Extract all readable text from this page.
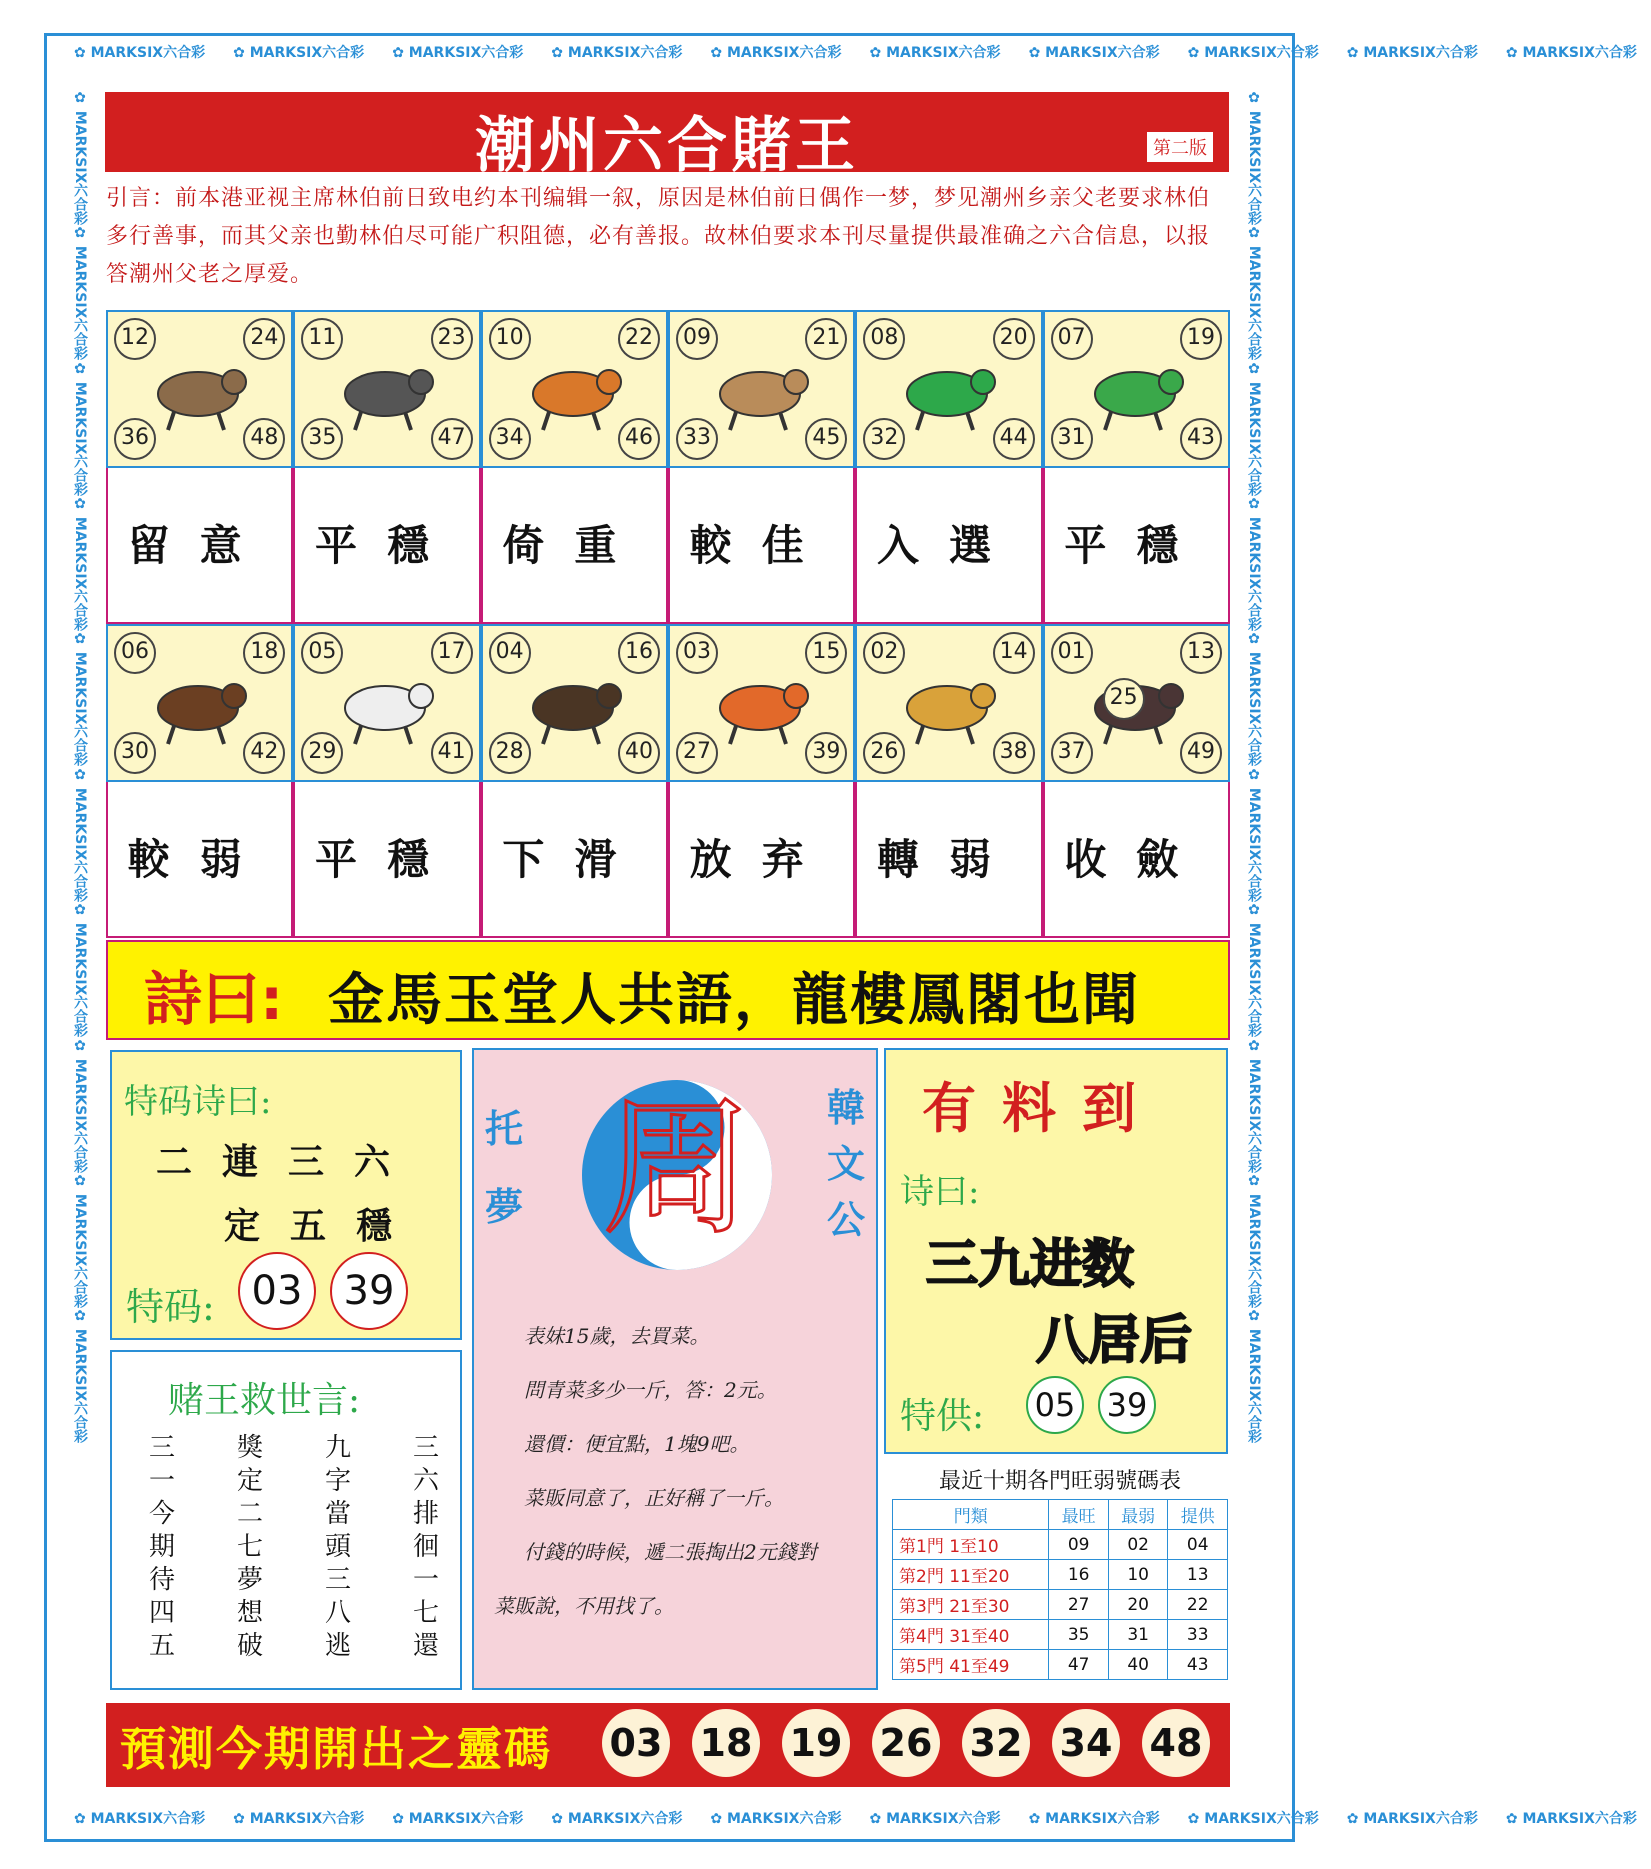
✿ MARKSIX六合彩 ✿ MARKSIX六合彩 ✿ MARKSIX六合彩 ✿ MARKSIX六合彩 ✿ MARKSIX六合彩 ✿ MARKSIX六合彩 ✿ MARKSIX六合彩 ✿ MARKSIX六合彩 ✿ MARKSIX六合彩 ✿ MARKSIX六合彩
✿ MARKSIX六合彩 ✿ MARKSIX六合彩 ✿ MARKSIX六合彩 ✿ MARKSIX六合彩 ✿ MARKSIX六合彩 ✿ MARKSIX六合彩 ✿ MARKSIX六合彩 ✿ MARKSIX六合彩 ✿ MARKSIX六合彩 ✿ MARKSIX六合彩
✿ MARKSIX六合彩✿ MARKSIX六合彩✿ MARKSIX六合彩✿ MARKSIX六合彩✿ MARKSIX六合彩✿ MARKSIX六合彩✿ MARKSIX六合彩✿ MARKSIX六合彩✿ MARKSIX六合彩✿ MARKSIX六合彩
✿ MARKSIX六合彩✿ MARKSIX六合彩✿ MARKSIX六合彩✿ MARKSIX六合彩✿ MARKSIX六合彩✿ MARKSIX六合彩✿ MARKSIX六合彩✿ MARKSIX六合彩✿ MARKSIX六合彩✿ MARKSIX六合彩
潮州六合賭王	第二版
引言：前本港亚视主席林伯前日致电约本刊编辑一叙，原因是林伯前日偶作一梦，梦见潮州乡亲父老要求林伯多行善事，而其父亲也勤林伯尽可能广积阻德，必有善报。故林伯要求本刊尽量提供最准确之六合信息，以报答潮州父老之厚爱。
12	24
36	48
11	23
35	47
10	22
34	46
09	21
33	45
08	20
32	44
07	19
31	43
留意	平穩	倚重	較佳	入選	平穩
06	18
30	42
05	17
29	41
04	16
28	40
03	15
27	39
02	14
26	38
01	13
37	49
25
較弱	平穩	下滑	放弃	轉弱	收斂
詩曰: 金馬玉堂人共語，龍樓鳳閣也聞
特码诗曰:
二連三六
定五穩
特码: 03 39
赌王救世言:
三
一
今
期
待
四
五
獎
定
二
七
夢
想
破
九
字
當
頭
三
八
逃
三
六
排
徊
一
七
還
托夢
韓文公
周
表妹15歲，去買菜。
問青菜多少一斤，答：2元。
還價：便宜點，1塊9吧。
菜販同意了，正好稱了一斤。
付錢的時候，遞二張掏出2元錢對
菜販說，不用找了。
有料到
诗曰:
三九进数
八居后
特供: 05 39
最近十期各門旺弱號碼表
門類	最旺	最弱	提供
第1門 1至10	09	02	04
第2門 11至20	16	10	13
第3門 21至30	27	20	22
第4門 31至40	35	31	33
第5門 41至49	47	40	43
預測今期開出之靈碼 03 18 19 26 32 34 48
